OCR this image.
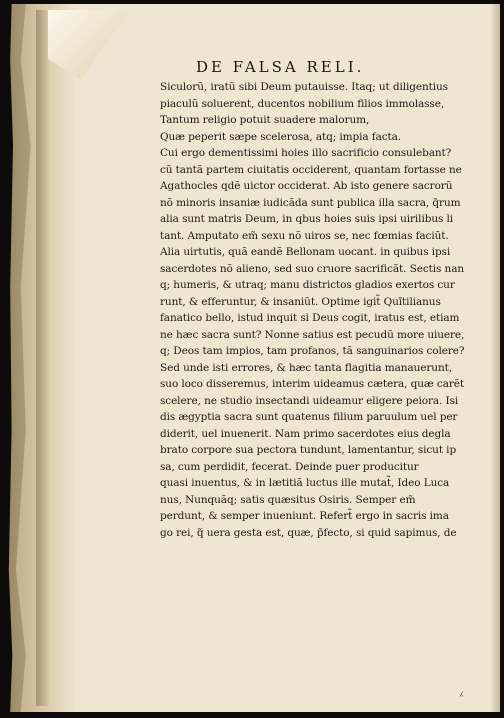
DE FALSA RELI.
Siculorũ, iratũ sibi Deum putauisse. Itaq; ut diligentius
piaculũ soluerent, ducentos nobilium filios immolasse,
Tantum religio potuit suadere malorum,
Quæ peperit sæpe scelerosa, atq; impia facta.
Cui ergo dementissimi hoies illo sacrificio consulebant?
cũ tantã partem ciuitatis occiderent, quantam fortasse ne
Agathocles qdẽ uictor occiderat. Ab isto genere sacrorũ
nõ minoris insaniæ iudicãda sunt publica illa sacra, q̃rum
alia sunt matris Deum, in qbus hoies suis ipsi uirilibus li
tant. Amputato em̃ sexu nõ uiros se, nec fœmias faciũt.
Alia uirtutis, quã eandẽ Bellonam uocant. in quibus ipsi
sacerdotes nõ alieno, sed suo cruore sacrificãt. Sectis nan
q; humeris, & utraq; manu districtos gladios exertos cur
runt, & efferuntur, & insaniũt. Optime igit̃ Quĩtilianus
fanatico bello, istud inquit si Deus cogit, iratus est, etiam
ne hæc sacra sunt? Nonne satius est pecudũ more uiuere,
q; Deos tam impios, tam profanos, tã sanguinarios colere?
Sed unde isti errores, & hæc tanta flagitia manauerunt,
suo loco disseremus, interim uideamus cætera, quæ carẽt
scelere, ne studio insectandi uideamur eligere peiora. Isi
dis ægyptia sacra sunt quatenus filium paruulum uel per
diderit, uel inuenerit. Nam primo sacerdotes eius degla
brato corpore sua pectora tundunt, lamentantur, sicut ip
sa, cum perdidit, fecerat. Deinde puer producitur
quasi inuentus, & in lætitiã luctus ille mutat̃, Ideo Luca
nus, Nunquãq; satis quæsitus Osiris. Semper em̃
perdunt, & semper inueniunt. Refert̃ ergo in sacris ima
go rei, q̃ uera gesta est, quæ, p̃fecto, si quid sapimus, de
⁁
